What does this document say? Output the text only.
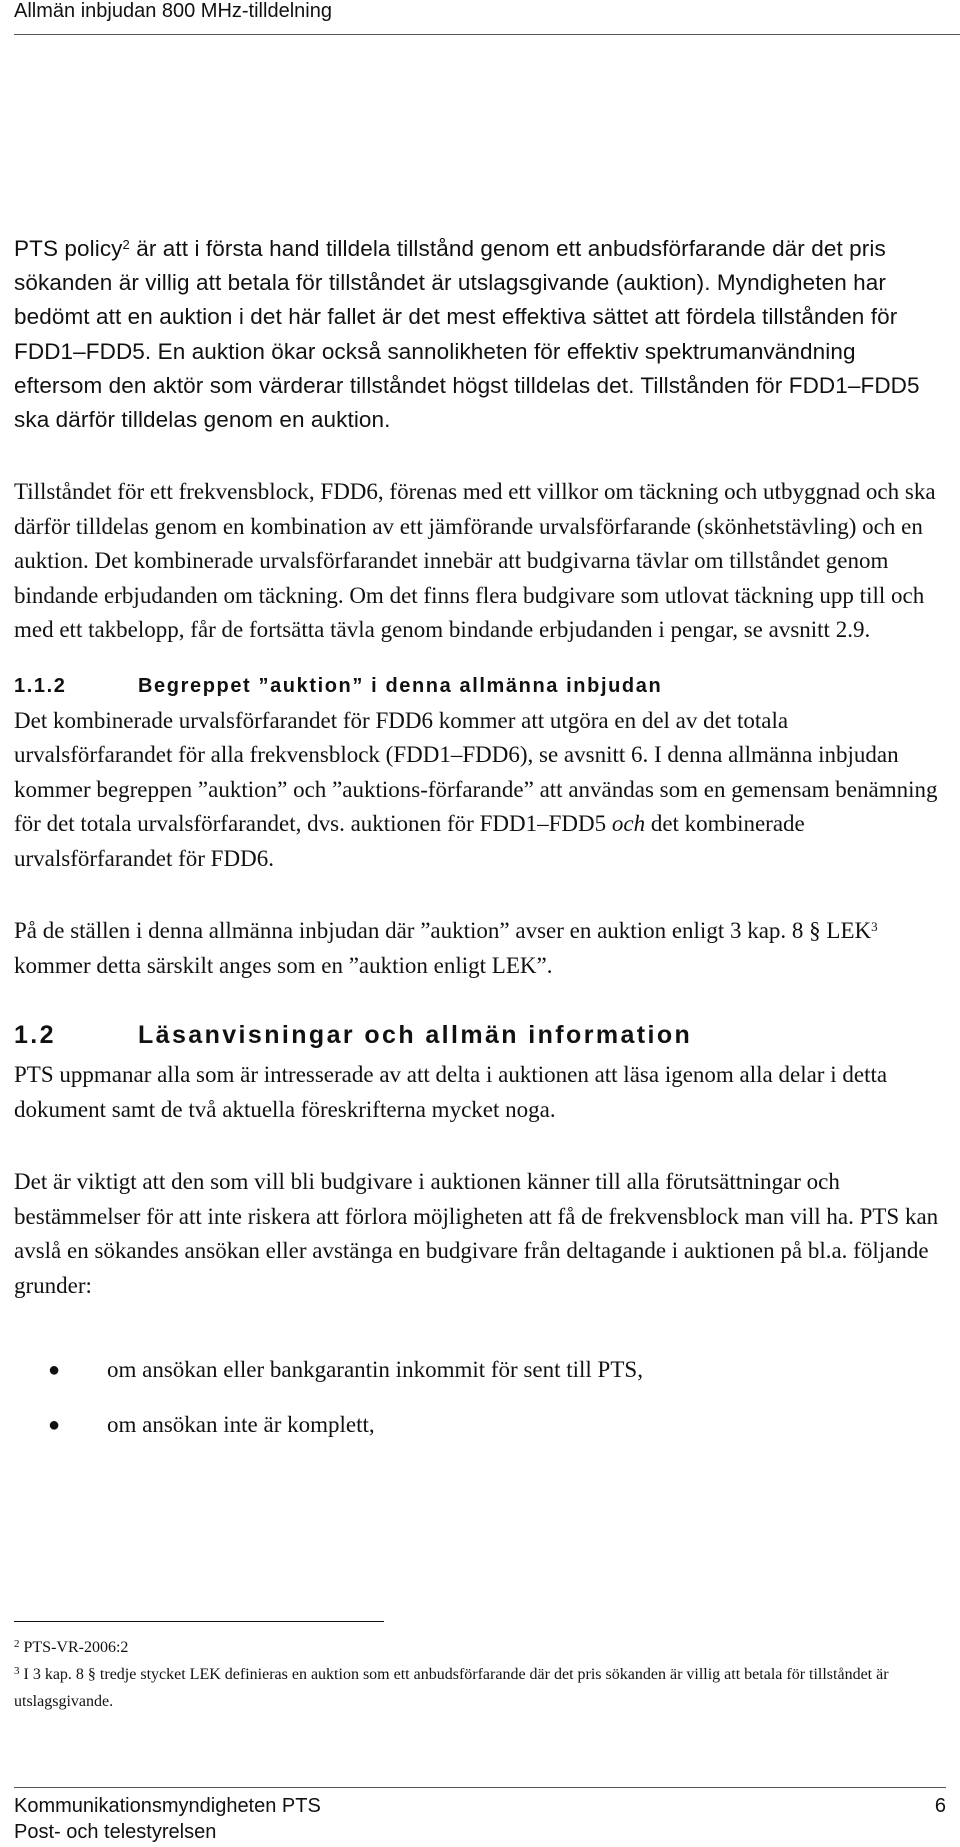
Allmän inbjudan 800 MHz-tilldelning

PTS policy$^2$ är att i första hand tilldela tillstånd genom ett anbudsförfarande där det pris sökanden är villig att betala för tillståndet är utslagsgivande (auktion). Myndigheten har bedömt att en auktion i det här fallet är det mest effektiva sättet att fördela tillstånden för FDD1–FDD5. En auktion ökar också sannolikheten för effektiv spektrumanvändning eftersom den aktör som värderar tillståndet högst tilldelas det. Tillstånden för FDD1–FDD5 ska därför tilldelas genom en auktion.

Tillståndet för ett frekvensblock, FDD6, förenas med ett villkor om täckning och utbyggnad och ska därför tilldelas genom en kombination av ett jämförande urvalsförfarande (skönhetstävling) och en auktion. Det kombinerade urvalsförfarandet innebär att budgivarna tävlar om tillståndet genom bindande erbjudanden om täckning. Om det finns flera budgivare som utlovat täckning upp till och med ett takbelopp, får de fortsätta tävla genom bindande erbjudanden i pengar, se avsnitt 2.9.

1.1.2	Begreppet ”auktion” i denna allmänna inbjudan

Det kombinerade urvalsförfarandet för FDD6 kommer att utgöra en del av det totala urvalsförfarandet för alla frekvensblock (FDD1–FDD6), se avsnitt 6. I denna allmänna inbjudan kommer begreppen ”auktion” och ”auktions-förfarande” att användas som en gemensam benämning för det totala urvalsförfarandet, dvs. auktionen för FDD1–FDD5 och det kombinerade urvalsförfarandet för FDD6.

På de ställen i denna allmänna inbjudan där ”auktion” avser en auktion enligt 3 kap. 8 § LEK$^3$ kommer detta särskilt anges som en ”auktion enligt LEK”.

1.2	Läsanvisningar och allmän information

PTS uppmanar alla som är intresserade av att delta i auktionen att läsa igenom alla delar i detta dokument samt de två aktuella föreskrifterna mycket noga.

Det är viktigt att den som vill bli budgivare i auktionen känner till alla förutsättningar och bestämmelser för att inte riskera att förlora möjligheten att få de frekvensblock man vill ha. PTS kan avslå en sökandes ansökan eller avstänga en budgivare från deltagande i auktionen på bl.a. följande grunder:

●	om ansökan eller bankgarantin inkommit för sent till PTS,
●	om ansökan inte är komplett,
$^2$ PTS-VR-2006:2
$^3$ I 3 kap. 8 § tredje stycket LEK definieras en auktion som ett anbudsförfarande där det pris sökanden är villig att betala för tillståndet är utslagsgivande.
Kommunikationsmyndigheten PTS	6
Post- och telestyrelsen
